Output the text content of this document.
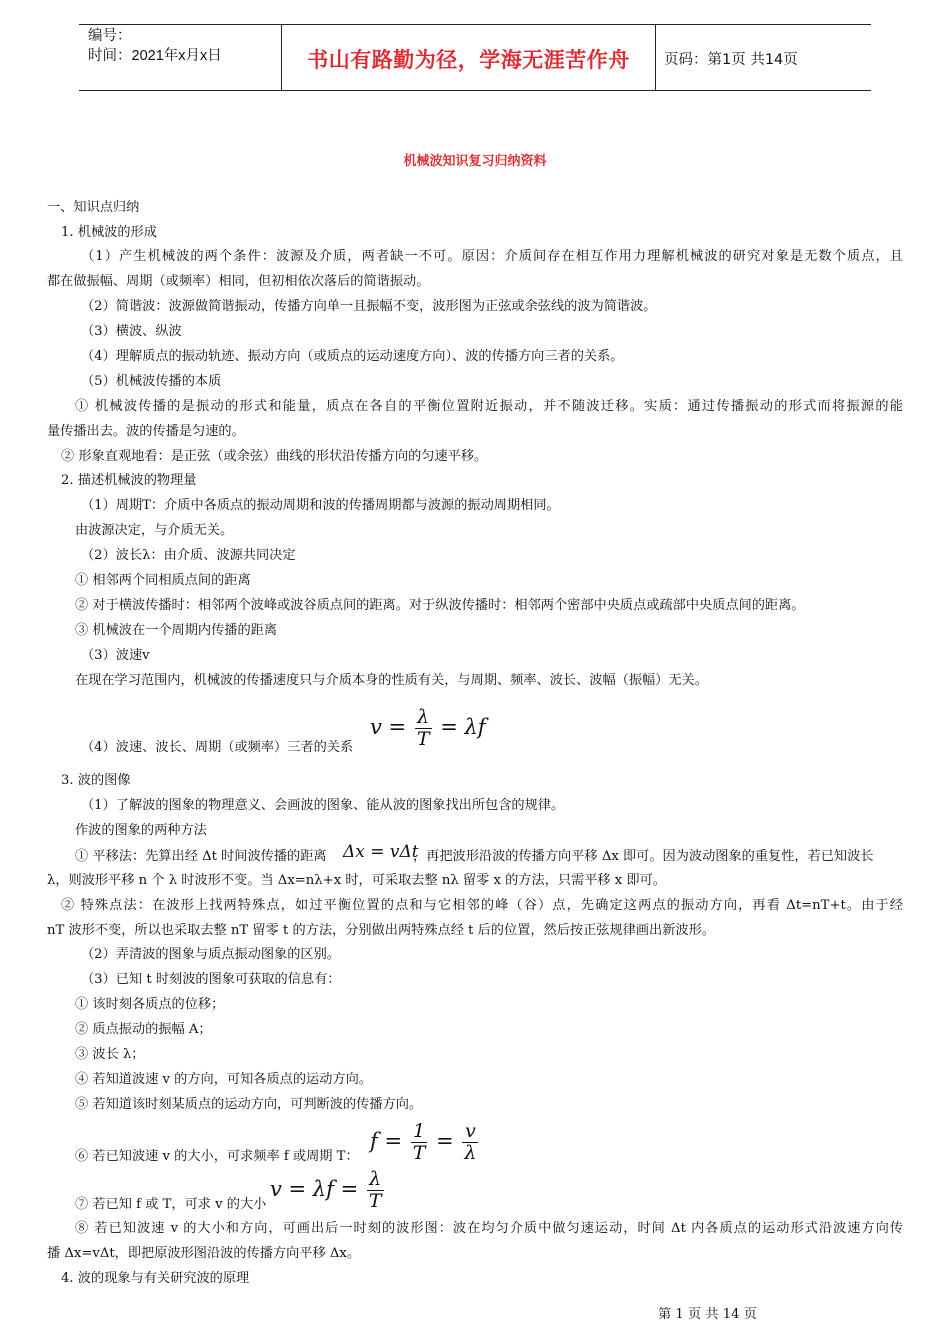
编号：
时间：2021年x月x日	书山有路勤为径，学海无涯苦作舟	页码：第1页 共14页
机械波知识复习归纳资料
一、知识点归纳
1. 机械波的形成
（1）产生机械波的两个条件：波源及介质，两者缺一不可。原因：介质间存在相互作用力理解机械波的研究对象是无数个质点，且
都在做振幅、周期（或频率）相同，但初相依次落后的简谐振动。
（2）简谐波：波源做简谐振动，传播方向单一且振幅不变，波形图为正弦或余弦线的波为简谐波。
（3）横波、纵波
（4）理解质点的振动轨迹、振动方向（或质点的运动速度方向）、波的传播方向三者的关系。
（5）机械波传播的本质
① 机械波传播的是振动的形式和能量，质点在各自的平衡位置附近振动，并不随波迁移。实质：通过传播振动的形式而将振源的能
量传播出去。波的传播是匀速的。
② 形象直观地看：是正弦（或余弦）曲线的形状沿传播方向的匀速平移。
2. 描述机械波的物理量
（1）周期T：介质中各质点的振动周期和波的传播周期都与波源的振动周期相同。
由波源决定，与介质无关。
（2）波长λ：由介质、波源共同决定
① 相邻两个同相质点间的距离
② 对于横波传播时：相邻两个波峰或波谷质点间的距离。对于纵波传播时：相邻两个密部中央质点或疏部中央质点间的距离。
③ 机械波在一个周期内传播的距离
（3）波速v
在现在学习范围内，机械波的传播速度只与介质本身的性质有关，与周期、频率、波长、波幅（振幅）无关。
$v = \frac{\lambda}{T} = \lambda f$
（4）波速、波长、周期（或频率）三者的关系
3. 波的图像
（1）了解波的图象的物理意义、会画波的图象、能从波的图象找出所包含的规律。
作波的图象的两种方法
① 平移法：先算出经 Δt 时间波传播的距离 Δx = vΔt
，再把波形沿波的传播方向平移 Δx 即可。因为波动图象的重复性，若已知波长
λ，则波形平移 n 个 λ 时波形不变。当 Δx=nλ+x 时，可采取去整 nλ 留零 x 的方法，只需平移 x 即可。
② 特殊点法：在波形上找两特殊点，如过平衡位置的点和与它相邻的峰（谷）点，先确定这两点的振动方向，再看 Δt=nT+t。由于经
nT 波形不变，所以也采取去整 nT 留零 t 的方法，分别做出两特殊点经 t 后的位置，然后按正弦规律画出新波形。
（2）弄清波的图象与质点振动图象的区别。
（3）已知 t 时刻波的图象可获取的信息有：
① 该时刻各质点的位移；
② 质点振动的振幅 A；
③ 波长 λ；
④ 若知道波速 v 的方向，可知各质点的运动方向。
⑤ 若知道该时刻某质点的运动方向，可判断波的传播方向。
$f = \frac{1}{T} = \frac{v}{\lambda}$
⑥ 若已知波速 v 的大小，可求频率 f 或周期 T：
$v = \lambda f = \frac{\lambda}{T}$
⑦ 若已知 f 或 T，可求 v 的大小
⑧ 若已知波速 v 的大小和方向，可画出后一时刻的波形图：波在均匀介质中做匀速运动，时间 Δt 内各质点的运动形式沿波速方向传
播 Δx=vΔt，即把原波形图沿波的传播方向平移 Δx。
4. 波的现象与有关研究波的原理
第 1 页 共 14 页
